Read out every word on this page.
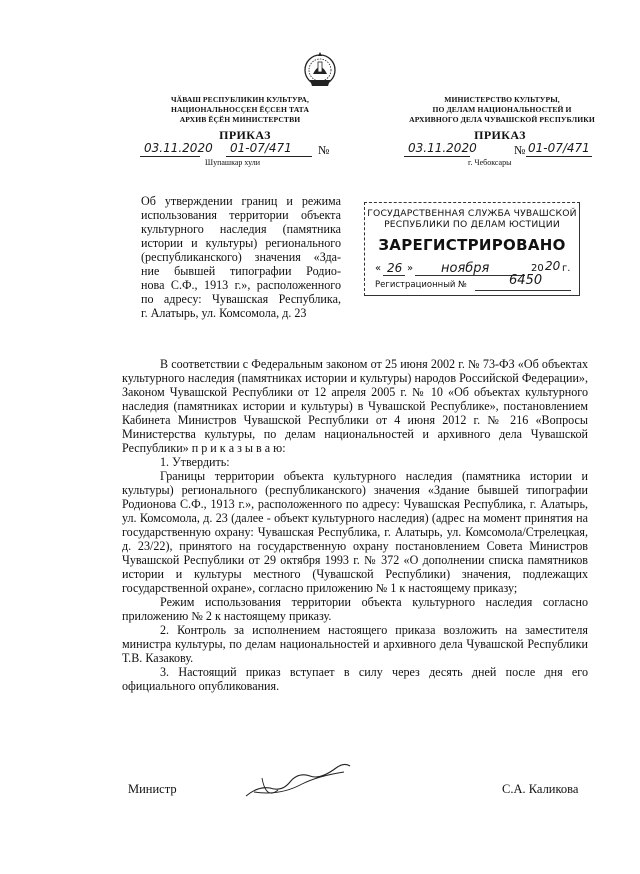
ЧӐВАШ РЕСПУБЛИКИН КУЛЬТУРА,
НАЦИОНАЛЬНОСҪЕН ӖҪСЕН ТАТА
АРХИВ ӖҪӖН МИНИСТЕРСТВИ
МИНИСТЕРСТВО КУЛЬТУРЫ,
ПО ДЕЛАМ НАЦИОНАЛЬНОСТЕЙ И
АРХИВНОГО ДЕЛА ЧУВАШСКОЙ РЕСПУБЛИКИ
ПРИКАЗ	ПРИКАЗ
03.11.2020 01-07/471 №
Шупашкар хули
03.11.2020	№ 01-07/471
г. Чебоксары

Об утверждении границ и режима

использования территории объекта

культурного наследия (памятника

истории и культуры) регионального

(республиканского) значения «Зда-

ние бывшей типографии Родио-

нова С.Ф., 1913 г.», расположенного

по адресу: Чувашская Республика,

г. Алатырь, ул. Комсомола, д. 23

ГОСУДАРСТВЕННАЯ СЛУЖБА ЧУВАШСКОЙ
РЕСПУБЛИКИ ПО ДЕЛАМ ЮСТИЦИИ
ЗАРЕГИСТРИРОВАНО
« 26 » ноября	20 20 г.
Регистрационный №	6450

В соответствии с Федеральным законом от 25 июня 2002 г. № 73-ФЗ «Об объектах культурного наследия (памятниках истории и культуры) народов Российской Федерации», Законом Чувашской Республики от 12 апреля 2005 г. № 10 «Об объектах культурного наследия (памятниках истории и культуры) в Чувашской Республике», постановлением Кабинета Министров Чувашской Республики от 4 июня 2012 г. № 216 «Вопросы Министерства культуры, по делам национальностей и архивного дела Чувашской Республики» п р и к а з ы в а ю:

1. Утвердить:

Границы территории объекта культурного наследия (памятника истории и культуры) регионального (республиканского) значения «Здание бывшей типографии Родионова С.Ф., 1913 г.», расположенного по адресу: Чувашская Республика, г. Алатырь, ул. Комсомола, д. 23 (далее - объект культурного наследия) (адрес на момент принятия на государственную охрану: Чувашская Республика, г. Алатырь, ул. Комсомола/Стрелецкая, д. 23/22), принятого на государственную охрану постановлением Совета Министров Чувашской Республики от 29 октября 1993 г. № 372 «О дополнении списка памятников истории и культуры местного (Чувашской Республики) значения, подлежащих государственной охране», согласно приложению № 1 к настоящему приказу;

Режим использования территории объекта культурного наследия согласно приложению № 2 к настоящему приказу.

2. Контроль за исполнением настоящего приказа возложить на заместителя министра культуры, по делам национальностей и архивного дела Чувашской Республики Т.В. Казакову.

3. Настоящий приказ вступает в силу через десять дней после дня его официального опубликования.

Министр	С.А. Каликова
